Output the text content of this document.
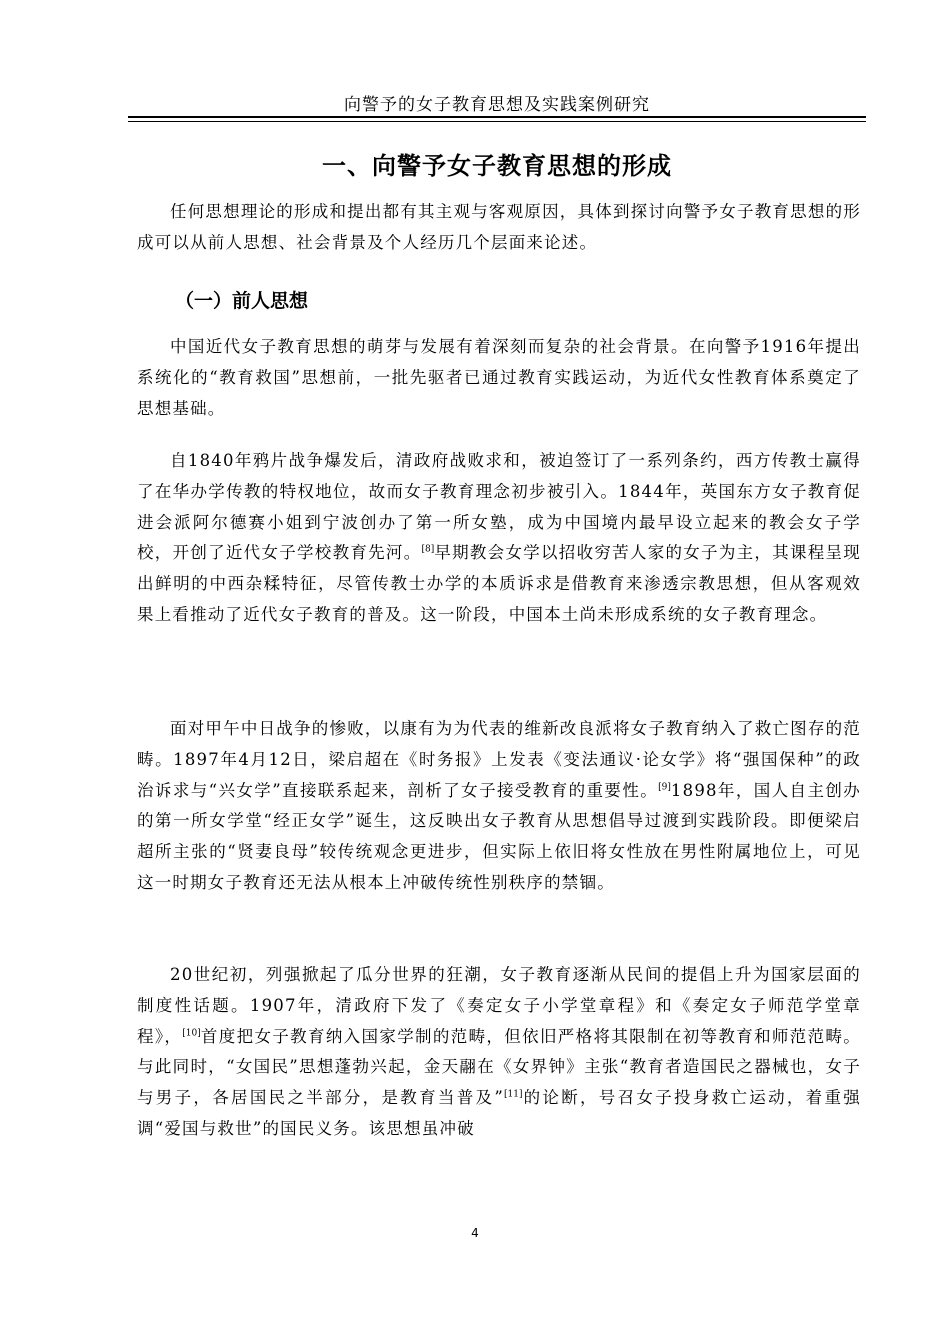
向警予的女子教育思想及实践案例研究
一、向警予女子教育思想的形成

任何思想理论的形成和提出都有其主观与客观原因，具体到探讨向警予女子教育思想的形成可以从前人思想、社会背景及个人经历几个层面来论述。

（一）前人思想

中国近代女子教育思想的萌芽与发展有着深刻而复杂的社会背景。在向警予1916年提出系统化的“教育救国”思想前，一批先驱者已通过教育实践运动，为近代女性教育体系奠定了思想基础。

自1840年鸦片战争爆发后，清政府战败求和，被迫签订了一系列条约，西方传教士赢得了在华办学传教的特权地位，故而女子教育理念初步被引入。1844年，英国东方女子教育促进会派阿尔德赛小姐到宁波创办了第一所女塾，成为中国境内最早设立起来的教会女子学校，开创了近代女子学校教育先河。[8]早期教会女学以招收穷苦人家的女子为主，其课程呈现出鲜明的中西杂糅特征，尽管传教士办学的本质诉求是借教育来渗透宗教思想，但从客观效果上看推动了近代女子教育的普及。这一阶段，中国本土尚未形成系统的女子教育理念。

面对甲午中日战争的惨败，以康有为为代表的维新改良派将女子教育纳入了救亡图存的范畴。1897年4月12日，梁启超在《时务报》上发表《变法通议·论女学》将“强国保种”的政治诉求与“兴女学”直接联系起来，剖析了女子接受教育的重要性。[9]1898年，国人自主创办的第一所女学堂“经正女学”诞生，这反映出女子教育从思想倡导过渡到实践阶段。即便梁启超所主张的“贤妻良母”较传统观念更进步，但实际上依旧将女性放在男性附属地位上，可见这一时期女子教育还无法从根本上冲破传统性别秩序的禁锢。

20世纪初，列强掀起了瓜分世界的狂潮，女子教育逐渐从民间的提倡上升为国家层面的制度性话题。1907年，清政府下发了《奏定女子小学堂章程》和《奏定女子师范学堂章程》，[10]首度把女子教育纳入国家学制的范畴，但依旧严格将其限制在初等教育和师范范畴。与此同时，“女国民”思想蓬勃兴起，金天翮在《女界钟》主张“教育者造国民之器械也，女子与男子，各居国民之半部分，是教育当普及”[11]的论断，号召女子投身救亡运动，着重强调“爱国与救世”的国民义务。该思想虽冲破

4
